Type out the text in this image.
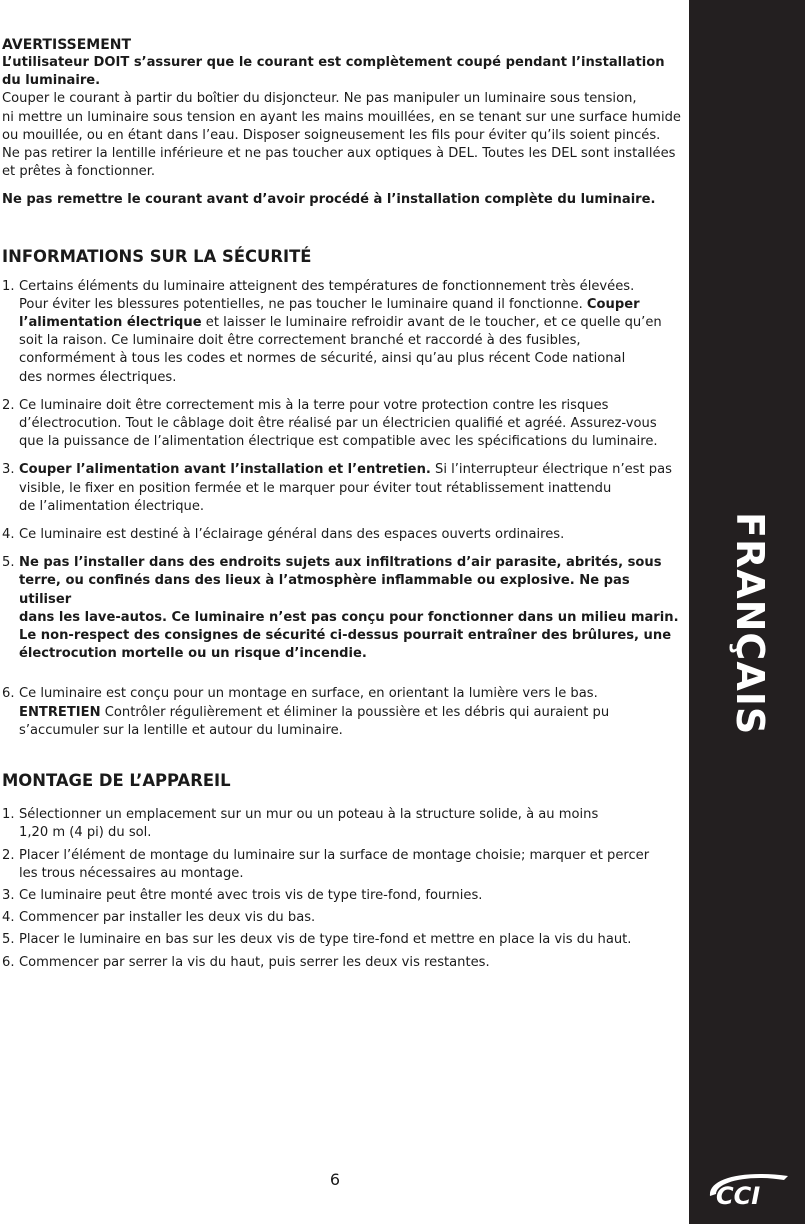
FRANÇAIS
CCI
AVERTISSEMENT

L’utilisateur DOIT s’assurer que le courant est complètement coupé pendant l’installation

du luminaire.

Couper le courant à partir du boîtier du disjoncteur. Ne pas manipuler un luminaire sous tension,

ni mettre un luminaire sous tension en ayant les mains mouillées, en se tenant sur une surface humide

ou mouillée, ou en étant dans l’eau. Disposer soigneusement les fils pour éviter qu’ils soient pincés.

Ne pas retirer la lentille inférieure et ne pas toucher aux optiques à DEL. Toutes les DEL sont installées

et prêtes à fonctionner.

Ne pas remettre le courant avant d’avoir procédé à l’installation complète du luminaire.

INFORMATIONS SUR LA SÉCURITÉ
1. Certains éléments du luminaire atteignent des températures de fonctionnement très élevées.

Pour éviter les blessures potentielles, ne pas toucher le luminaire quand il fonctionne. Couper

l’alimentation électrique et laisser le luminaire refroidir avant de le toucher, et ce quelle qu’en

soit la raison. Ce luminaire doit être correctement branché et raccordé à des fusibles,

conformément à tous les codes et normes de sécurité, ainsi qu’au plus récent Code national

des normes électriques.

2. Ce luminaire doit être correctement mis à la terre pour votre protection contre les risques

d’électrocution. Tout le câblage doit être réalisé par un électricien qualifié et agréé. Assurez-vous

que la puissance de l’alimentation électrique est compatible avec les spécifications du luminaire.

3. Couper l’alimentation avant l’installation et l’entretien. Si l’interrupteur électrique n’est pas

visible, le fixer en position fermée et le marquer pour éviter tout rétablissement inattendu

de l’alimentation électrique.

4. Ce luminaire est destiné à l’éclairage général dans des espaces ouverts ordinaires.

5. Ne pas l’installer dans des endroits sujets aux infiltrations d’air parasite, abrités, sous

terre, ou confinés dans des lieux à l’atmosphère inflammable ou explosive. Ne pas utiliser

dans les lave-autos. Ce luminaire n’est pas conçu pour fonctionner dans un milieu marin.

Le non-respect des consignes de sécurité ci-dessus pourrait entraîner des brûlures, une

électrocution mortelle ou un risque d’incendie.

6. Ce luminaire est conçu pour un montage en surface, en orientant la lumière vers le bas.

ENTRETIEN Contrôler régulièrement et éliminer la poussière et les débris qui auraient pu

s’accumuler sur la lentille et autour du luminaire.

MONTAGE DE L’APPAREIL
1. Sélectionner un emplacement sur un mur ou un poteau à la structure solide, à au moins

1,20 m (4 pi) du sol.

2. Placer l’élément de montage du luminaire sur la surface de montage choisie; marquer et percer

les trous nécessaires au montage.

3. Ce luminaire peut être monté avec trois vis de type tire-fond, fournies.

4. Commencer par installer les deux vis du bas.

5. Placer le luminaire en bas sur les deux vis de type tire-fond et mettre en place la vis du haut.

6. Commencer par serrer la vis du haut, puis serrer les deux vis restantes.

6
